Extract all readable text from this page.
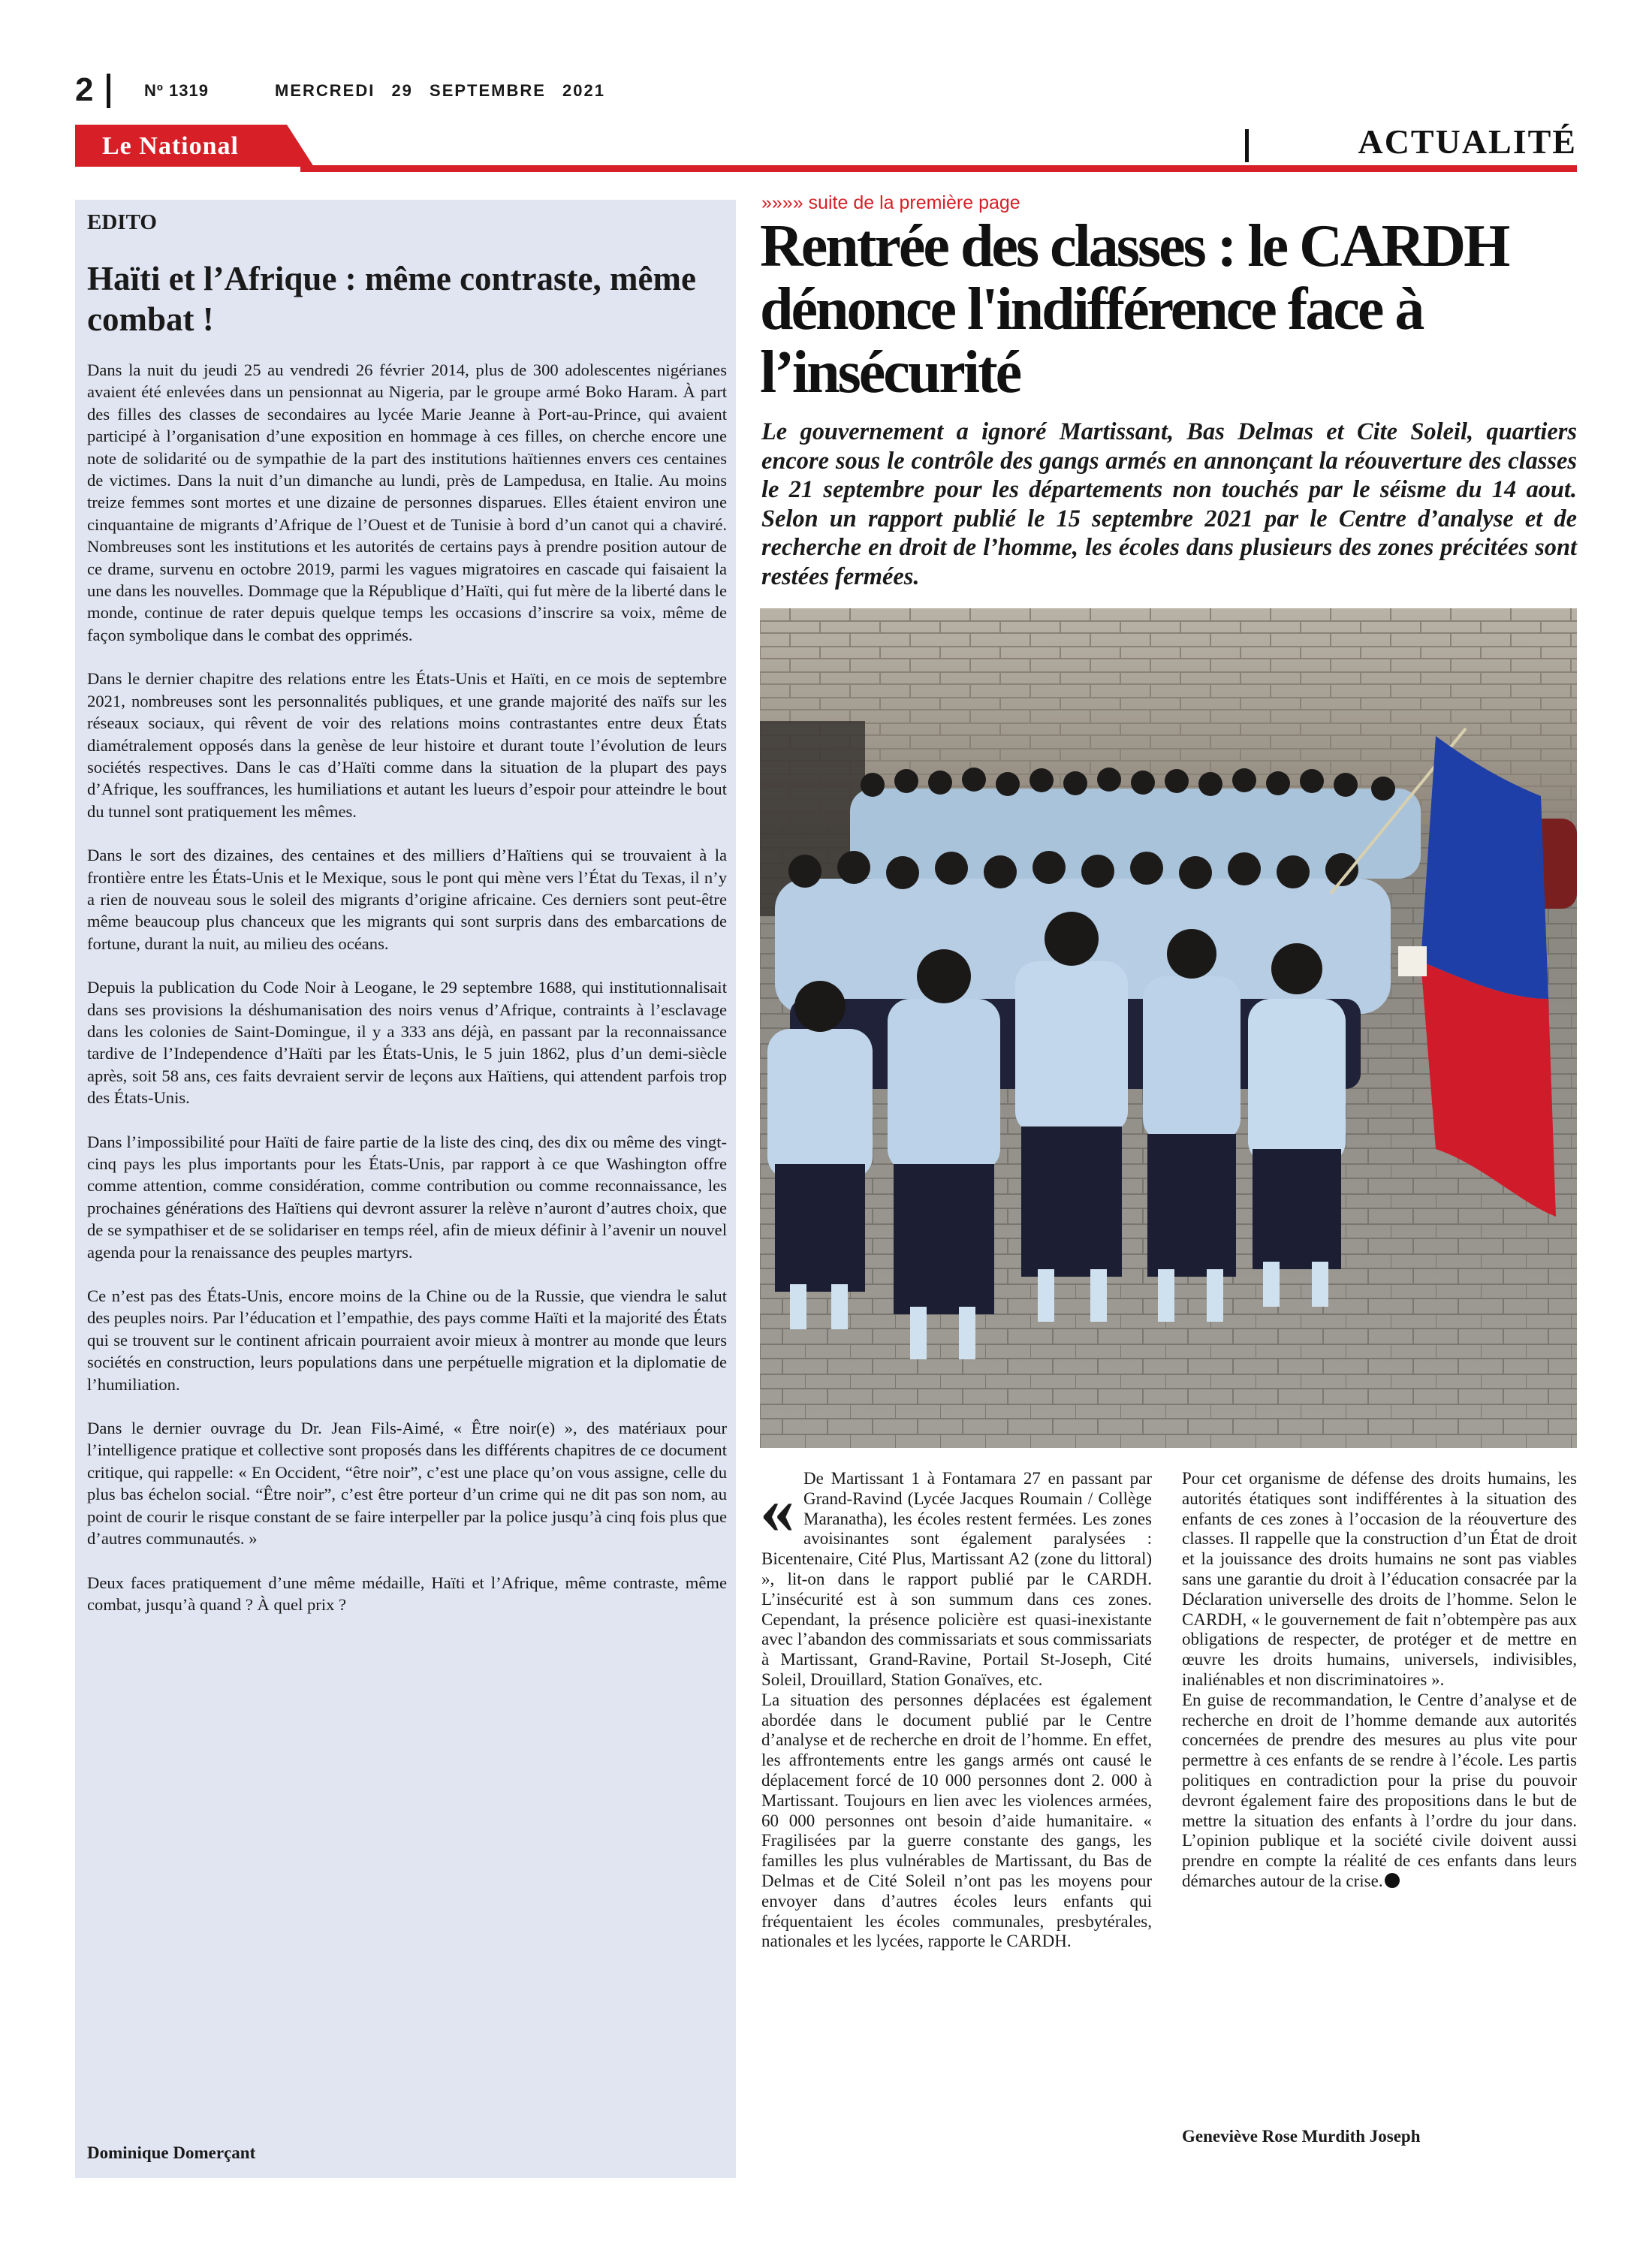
2	Nº 1319	MERCREDI 29 SEPTEMBRE 2021
Le National	ACTUALITÉ
EDITO
Haïti et l’Afrique : même contraste, même combat !

Dans la nuit du jeudi 25 au vendredi 26 février 2014, plus de 300 adolescentes nigérianes avaient été enlevées dans un pensionnat au Nigeria, par le groupe armé Boko Haram. À part des filles des classes de secondaires au lycée Marie Jeanne à Port-au-Prince, qui avaient participé à l’organisation d’une exposition en hommage à ces filles, on cherche encore une note de solidarité ou de sympathie de la part des institutions haïtiennes envers ces centaines de victimes. Dans la nuit d’un dimanche au lundi, près de Lampedusa, en Italie. Au moins treize femmes sont mortes et une dizaine de personnes disparues. Elles étaient environ une cinquantaine de migrants d’Afrique de l’Ouest et de Tunisie à bord d’un canot qui a chaviré. Nombreuses sont les institutions et les autorités de certains pays à prendre position autour de ce drame, survenu en octobre 2019, parmi les vagues migratoires en cascade qui faisaient la une dans les nouvelles. Dommage que la République d’Haïti, qui fut mère de la liberté dans le monde, continue de rater depuis quelque temps les occasions d’inscrire sa voix, même de façon symbolique dans le combat des opprimés.

Dans le dernier chapitre des relations entre les États-Unis et Haïti, en ce mois de septembre 2021, nombreuses sont les personnalités publiques, et une grande majorité des naïfs sur les réseaux sociaux, qui rêvent de voir des relations moins contrastantes entre deux États diamétralement opposés dans la genèse de leur histoire et durant toute l’évolution de leurs sociétés respectives. Dans le cas d’Haïti comme dans la situation de la plupart des pays d’Afrique, les souffrances, les humiliations et autant les lueurs d’espoir pour atteindre le bout du tunnel sont pratiquement les mêmes.

Dans le sort des dizaines, des centaines et des milliers d’Haïtiens qui se trouvaient à la frontière entre les États-Unis et le Mexique, sous le pont qui mène vers l’État du Texas, il n’y a rien de nouveau sous le soleil des migrants d’origine africaine. Ces derniers sont peut-être même beaucoup plus chanceux que les migrants qui sont surpris dans des embarcations de fortune, durant la nuit, au milieu des océans.

Depuis la publication du Code Noir à Leogane, le 29 septembre 1688, qui institutionnalisait dans ses provisions la déshumanisation des noirs venus d’Afrique, contraints à l’esclavage dans les colonies de Saint-Domingue, il y a 333 ans déjà, en passant par la reconnaissance tardive de l’Independence d’Haïti par les États-Unis, le 5 juin 1862, plus d’un demi-siècle après, soit 58 ans, ces faits devraient servir de leçons aux Haïtiens, qui attendent parfois trop des États-Unis.

Dans l’impossibilité pour Haïti de faire partie de la liste des cinq, des dix ou même des vingt-cinq pays les plus importants pour les États-Unis, par rapport à ce que Washington offre comme attention, comme considération, comme contribution ou comme reconnaissance, les prochaines générations des Haïtiens qui devront assurer la relève n’auront d’autres choix, que de se sympathiser et de se solidariser en temps réel, afin de mieux définir à l’avenir un nouvel agenda pour la renaissance des peuples martyrs.

Ce n’est pas des États-Unis, encore moins de la Chine ou de la Russie, que viendra le salut des peuples noirs. Par l’éducation et l’empathie, des pays comme Haïti et la majorité des États qui se trouvent sur le continent africain pourraient avoir mieux à montrer au monde que leurs sociétés en construction, leurs populations dans une perpétuelle migration et la diplomatie de l’humiliation.

Dans le dernier ouvrage du Dr. Jean Fils-Aimé, « Être noir(e) », des matériaux pour l’intelligence pratique et collective sont proposés dans les différents chapitres de ce document critique, qui rappelle: « En Occident, “être noir”, c’est une place qu’on vous assigne, celle du plus bas échelon social. “Être noir”, c’est être porteur d’un crime qui ne dit pas son nom, au point de courir le risque constant de se faire interpeller par la police jusqu’à cinq fois plus que d’autres communautés. »

Deux faces pratiquement d’une même médaille, Haïti et l’Afrique, même contraste, même combat, jusqu’à quand ? À quel prix ?

Dominique Domerçant
»»»» suite de la première page
Rentrée des classes : le CARDH dénonce l'indifférence face à l’insécurité
Le gouvernement a ignoré Martissant, Bas Delmas et Cite Soleil, quartiers encore sous le contrôle des gangs armés en annonçant la réouverture des classes le 21 septembre pour les départements non touchés par le séisme du 14 aout. Selon un rapport publié le 15 septembre 2021 par le Centre d’analyse et de recherche en droit de l’homme, les écoles dans plusieurs des zones précitées sont restées fermées.
« De Martissant 1 à Fontamara 27 en passant par Grand-Ravind (Lycée Jacques Roumain / Collège Maranatha), les écoles restent fermées. Les zones avoisinantes sont également paralysées : Bicentenaire, Cité Plus, Martissant A2 (zone du littoral) », lit-on dans le rapport publié par le CARDH. L’insécurité est à son summum dans ces zones. Cependant, la présence policière est quasi-inexistante avec l’abandon des commissariats et sous commissariats à Martissant, Grand-Ravine, Portail St-Joseph, Cité Soleil, Drouillard, Station Gonaïves, etc.

La situation des personnes déplacées est également abordée dans le document publié par le Centre d’analyse et de recherche en droit de l’homme. En effet, les affrontements entre les gangs armés ont causé le déplacement forcé de 10 000 personnes dont 2. 000 à Martissant. Toujours en lien avec les violences armées, 60 000 personnes ont besoin d’aide humanitaire. « Fragilisées par la guerre constante des gangs, les familles les plus vulnérables de Martissant, du Bas de Delmas et de Cité Soleil n’ont pas les moyens pour envoyer dans d’autres écoles leurs enfants qui fréquentaient les écoles communales, presbytérales, nationales et les lycées, rapporte le CARDH.

Pour cet organisme de défense des droits humains, les autorités étatiques sont indifférentes à la situation des enfants de ces zones à l’occasion de la réouverture des classes. Il rappelle que la construction d’un État de droit et la jouissance des droits humains ne sont pas viables sans une garantie du droit à l’éducation consacrée par la Déclaration universelle des droits de l’homme. Selon le CARDH, « le gouvernement de fait n’obtempère pas aux obligations de respecter, de protéger et de mettre en œuvre les droits humains, universels, indivisibles, inaliénables et non discriminatoires ».

En guise de recommandation, le Centre d’analyse et de recherche en droit de l’homme demande aux autorités concernées de prendre des mesures au plus vite pour permettre à ces enfants de se rendre à l’école. Les partis politiques en contradiction pour la prise du pouvoir devront également faire des propositions dans le but de mettre la situation des enfants à l’ordre du jour dans. L’opinion publique et la société civile doivent aussi prendre en compte la réalité de ces enfants dans leurs démarches autour de la crise.

Geneviève Rose Murdith Joseph
